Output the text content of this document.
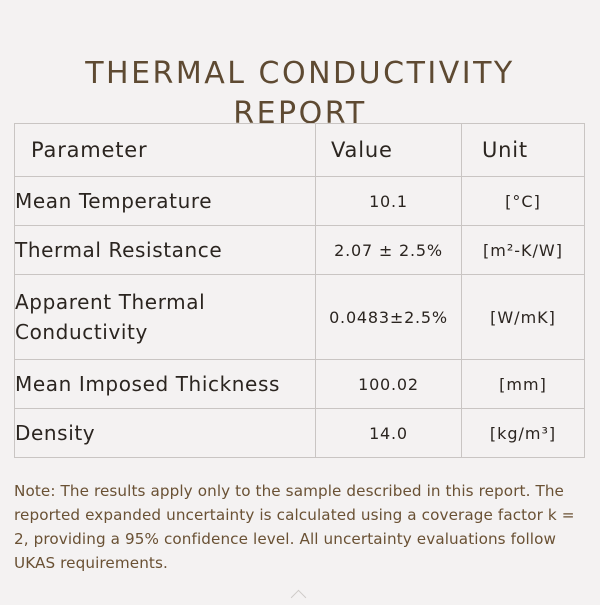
THERMAL CONDUCTIVITY
REPORT
Parameter	Value	Unit
Mean Temperature	10.1	[°C]
Thermal Resistance	2.07 ± 2.5%	[m²-K/W]

Apparent Thermal
Conductivity	0.0483±2.5%	[W/mK]
Mean Imposed Thickness	100.02	[mm]
Density	14.0	[kg/m³]

Note: The results apply only to the sample described in this report. The reported expanded uncertainty is calculated using a coverage factor k = 2, providing a 95% confidence level. All uncertainty evaluations follow UKAS requirements.
